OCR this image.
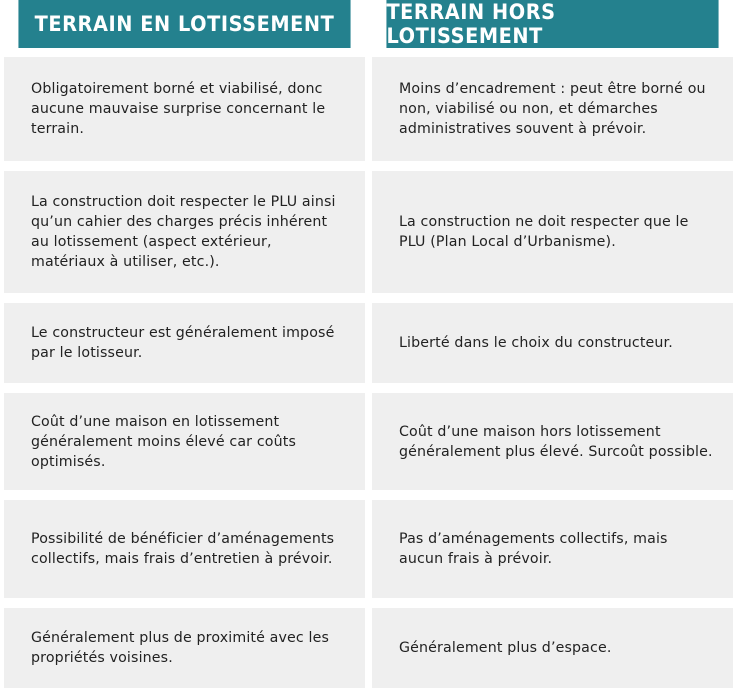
TERRAIN EN LOTISSEMENT TERRAIN HORS LOTISSEMENT
Obligatoirement borné et viabilisé, donc aucune mauvaise surprise concernant le terrain.
Moins d’encadrement : peut être borné ou non, viabilisé ou non, et démarches administratives souvent à prévoir.
La construction doit respecter le PLU ainsi qu’un cahier des charges précis inhérent au lotissement (aspect extérieur, matériaux à utiliser, etc.).
La construction ne doit respecter que le PLU (Plan Local d’Urbanisme).
Le constructeur est généralement imposé par le lotisseur.
Liberté dans le choix du constructeur.
Coût d’une maison en lotissement généralement moins élevé car coûts optimisés.
Coût d’une maison hors lotissement généralement plus élevé. Surcoût possible.
Possibilité de bénéficier d’aménagements collectifs, mais frais d’entretien à prévoir.
Pas d’aménagements collectifs, mais aucun frais à prévoir.
Généralement plus de proximité avec les propriétés voisines.
Généralement plus d’espace.
